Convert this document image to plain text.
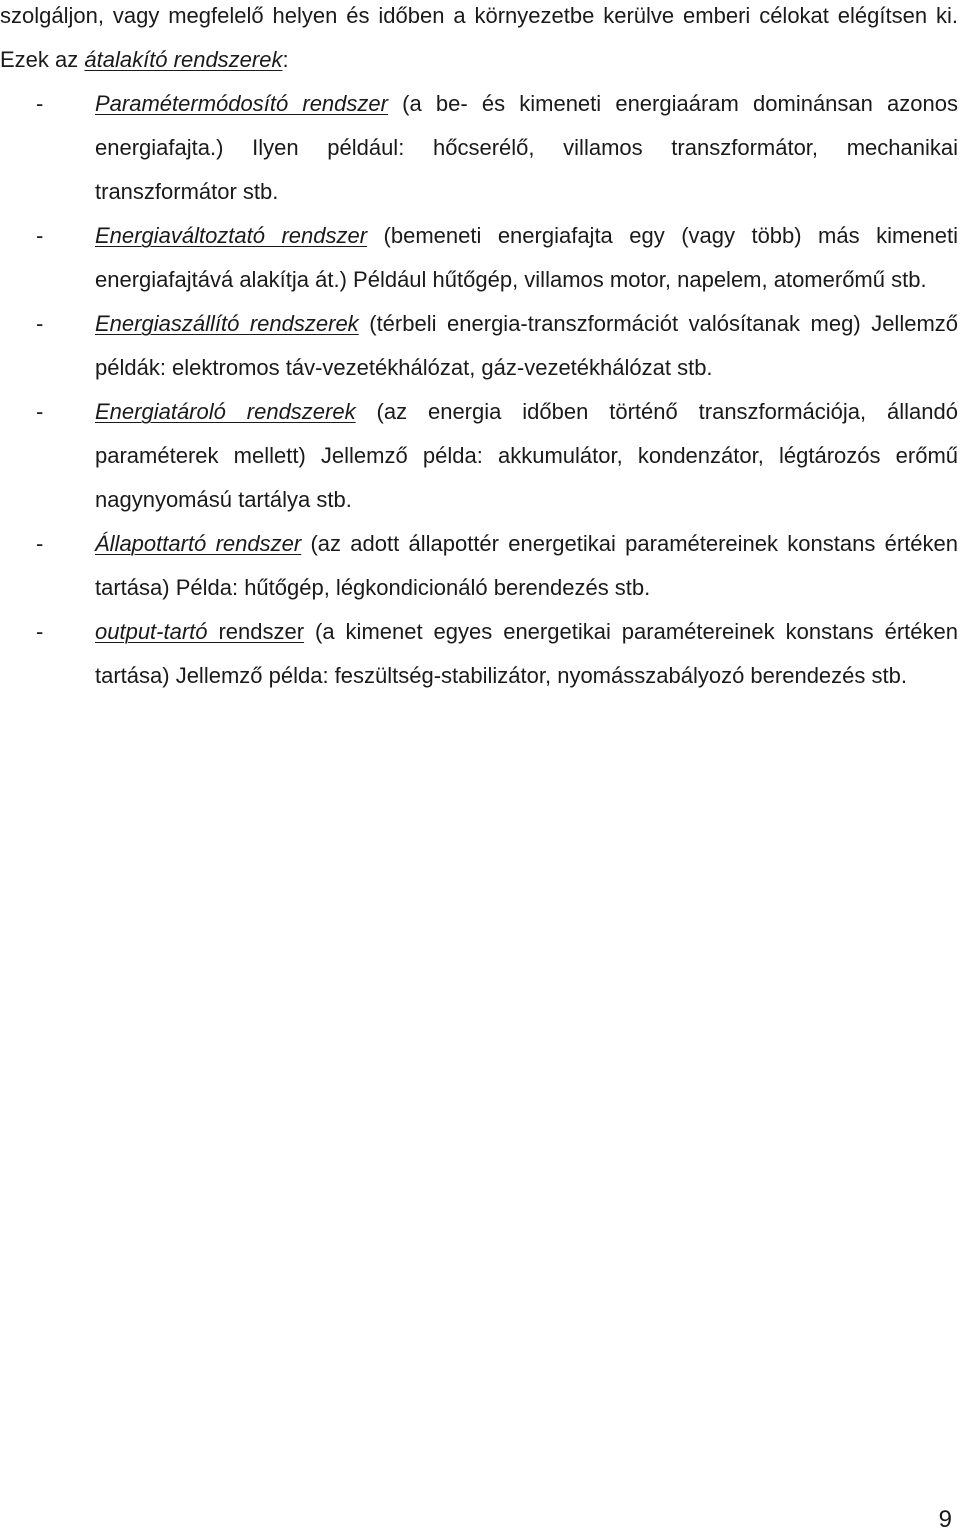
szolgáljon, vagy megfelelő helyen és időben a környezetbe kerülve emberi célokat elégítsen ki. Ezek az átalakító rendszerek:

- Paramétermódosító rendszer (a be- és kimeneti energiaáram dominánsan azonos energiafajta.) Ilyen például: hőcserélő, villamos transzformátor, mechanikai transzformátor stb.
- Energiaváltoztató rendszer (bemeneti energiafajta egy (vagy több) más kimeneti energiafajtává alakítja át.) Például hűtőgép, villamos motor, napelem, atomerőmű stb.
- Energiaszállító rendszerek (térbeli energia-transzformációt valósítanak meg) Jellemző példák: elektromos táv-vezetékhálózat, gáz-vezetékhálózat stb.
- Energiatároló rendszerek (az energia időben történő transzformációja, állandó paraméterek mellett) Jellemző példa: akkumulátor, kondenzátor, légtározós erőmű nagynyomású tartálya stb.
- Állapottartó rendszer (az adott állapottér energetikai paramétereinek konstans értéken tartása) Példa: hűtőgép, légkondicionáló berendezés stb.
- output-tartó rendszer (a kimenet egyes energetikai paramétereinek konstans értéken tartása) Jellemző példa: feszültség-stabilizátor, nyomásszabályozó berendezés stb.
9
